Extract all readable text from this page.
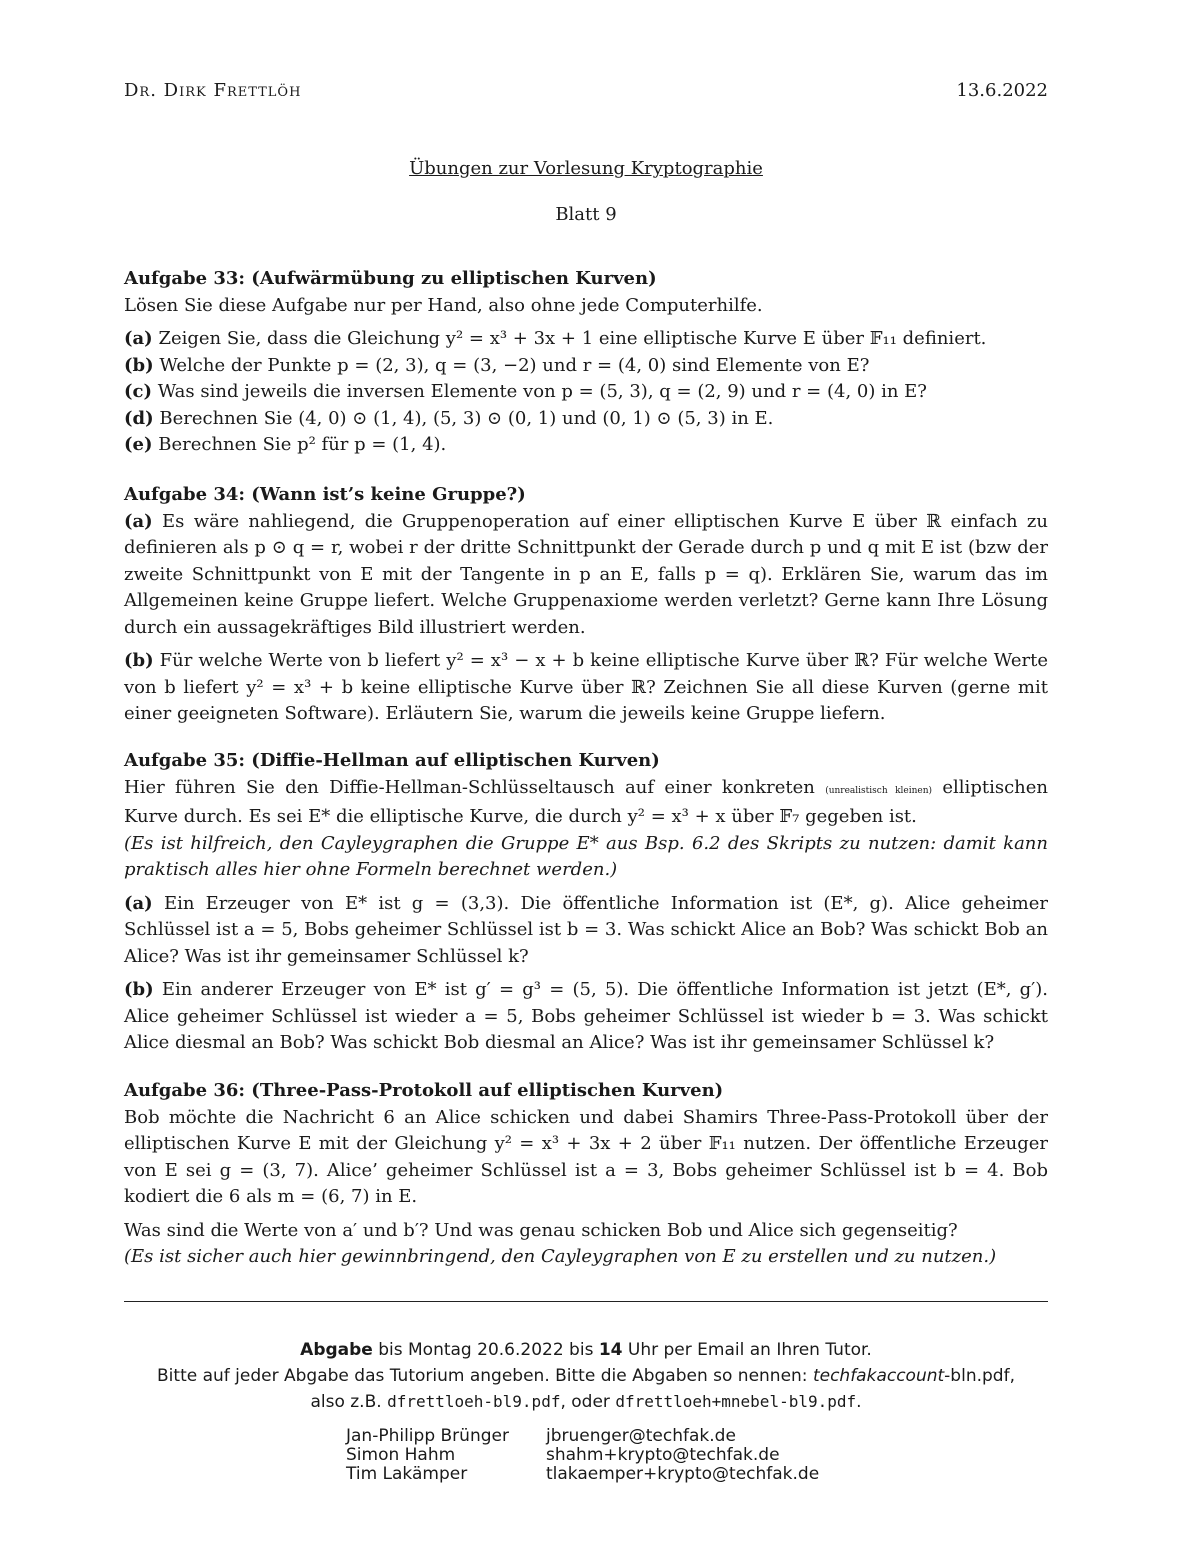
Dr. Dirk Frettlöh	13.6.2022
Übungen zur Vorlesung Kryptographie
Blatt 9

Aufgabe 33: (Aufwärmübung zu elliptischen Kurven)

Lösen Sie diese Aufgabe nur per Hand, also ohne jede Computerhilfe.

(a) Zeigen Sie, dass die Gleichung y² = x³ + 3x + 1 eine elliptische Kurve E über 𝔽₁₁ definiert.

(b) Welche der Punkte p = (2, 3), q = (3, −2) und r = (4, 0) sind Elemente von E?

(c) Was sind jeweils die inversen Elemente von p = (5, 3), q = (2, 9) und r = (4, 0) in E?

(d) Berechnen Sie (4, 0) ⊙ (1, 4), (5, 3) ⊙ (0, 1) und (0, 1) ⊙ (5, 3) in E.

(e) Berechnen Sie p² für p = (1, 4).

Aufgabe 34: (Wann ist’s keine Gruppe?)

(a) Es wäre nahliegend, die Gruppenoperation auf einer elliptischen Kurve E über ℝ einfach zu definieren als p ⊙ q = r, wobei r der dritte Schnittpunkt der Gerade durch p und q mit E ist (bzw der zweite Schnittpunkt von E mit der Tangente in p an E, falls p = q). Erklären Sie, warum das im Allgemeinen keine Gruppe liefert. Welche Gruppenaxiome werden verletzt? Gerne kann Ihre Lösung durch ein aussagekräftiges Bild illustriert werden.

(b) Für welche Werte von b liefert y² = x³ − x + b keine elliptische Kurve über ℝ? Für welche Werte von b liefert y² = x³ + b keine elliptische Kurve über ℝ? Zeichnen Sie all diese Kurven (gerne mit einer geeigneten Software). Erläutern Sie, warum die jeweils keine Gruppe liefern.

Aufgabe 35: (Diffie-Hellman auf elliptischen Kurven)

Hier führen Sie den Diffie-Hellman-Schlüsseltausch auf einer konkreten (unrealistisch kleinen) elliptischen Kurve durch. Es sei E* die elliptische Kurve, die durch y² = x³ + x über 𝔽₇ gegeben ist.

(Es ist hilfreich, den Cayleygraphen die Gruppe E* aus Bsp. 6.2 des Skripts zu nutzen: damit kann praktisch alles hier ohne Formeln berechnet werden.)

(a) Ein Erzeuger von E* ist g = (3,3). Die öffentliche Information ist (E*, g). Alice geheimer Schlüssel ist a = 5, Bobs geheimer Schlüssel ist b = 3. Was schickt Alice an Bob? Was schickt Bob an Alice? Was ist ihr gemeinsamer Schlüssel k?

(b) Ein anderer Erzeuger von E* ist g′ = g³ = (5, 5). Die öffentliche Information ist jetzt (E*, g′). Alice geheimer Schlüssel ist wieder a = 5, Bobs geheimer Schlüssel ist wieder b = 3. Was schickt Alice diesmal an Bob? Was schickt Bob diesmal an Alice? Was ist ihr gemeinsamer Schlüssel k?

Aufgabe 36: (Three-Pass-Protokoll auf elliptischen Kurven)

Bob möchte die Nachricht 6 an Alice schicken und dabei Shamirs Three-Pass-Protokoll über der elliptischen Kurve E mit der Gleichung y² = x³ + 3x + 2 über 𝔽₁₁ nutzen. Der öffentliche Erzeuger von E sei g = (3, 7). Alice’ geheimer Schlüssel ist a = 3, Bobs geheimer Schlüssel ist b = 4. Bob kodiert die 6 als m = (6, 7) in E.

Was sind die Werte von a′ und b′? Und was genau schicken Bob und Alice sich gegenseitig?

(Es ist sicher auch hier gewinnbringend, den Cayleygraphen von E zu erstellen und zu nutzen.)

Abgabe bis Montag 20.6.2022 bis 14 Uhr per Email an Ihren Tutor.
Bitte auf jeder Abgabe das Tutorium angeben. Bitte die Abgaben so nennen: techfakaccount-bln.pdf,
also z.B. dfrettloeh-bl9.pdf, oder dfrettloeh+mnebel-bl9.pdf.
Jan-Philipp Brünger	jbruenger@techfak.de
Simon Hahm	shahm+krypto@techfak.de
Tim Lakämper	tlakaemper+krypto@techfak.de
